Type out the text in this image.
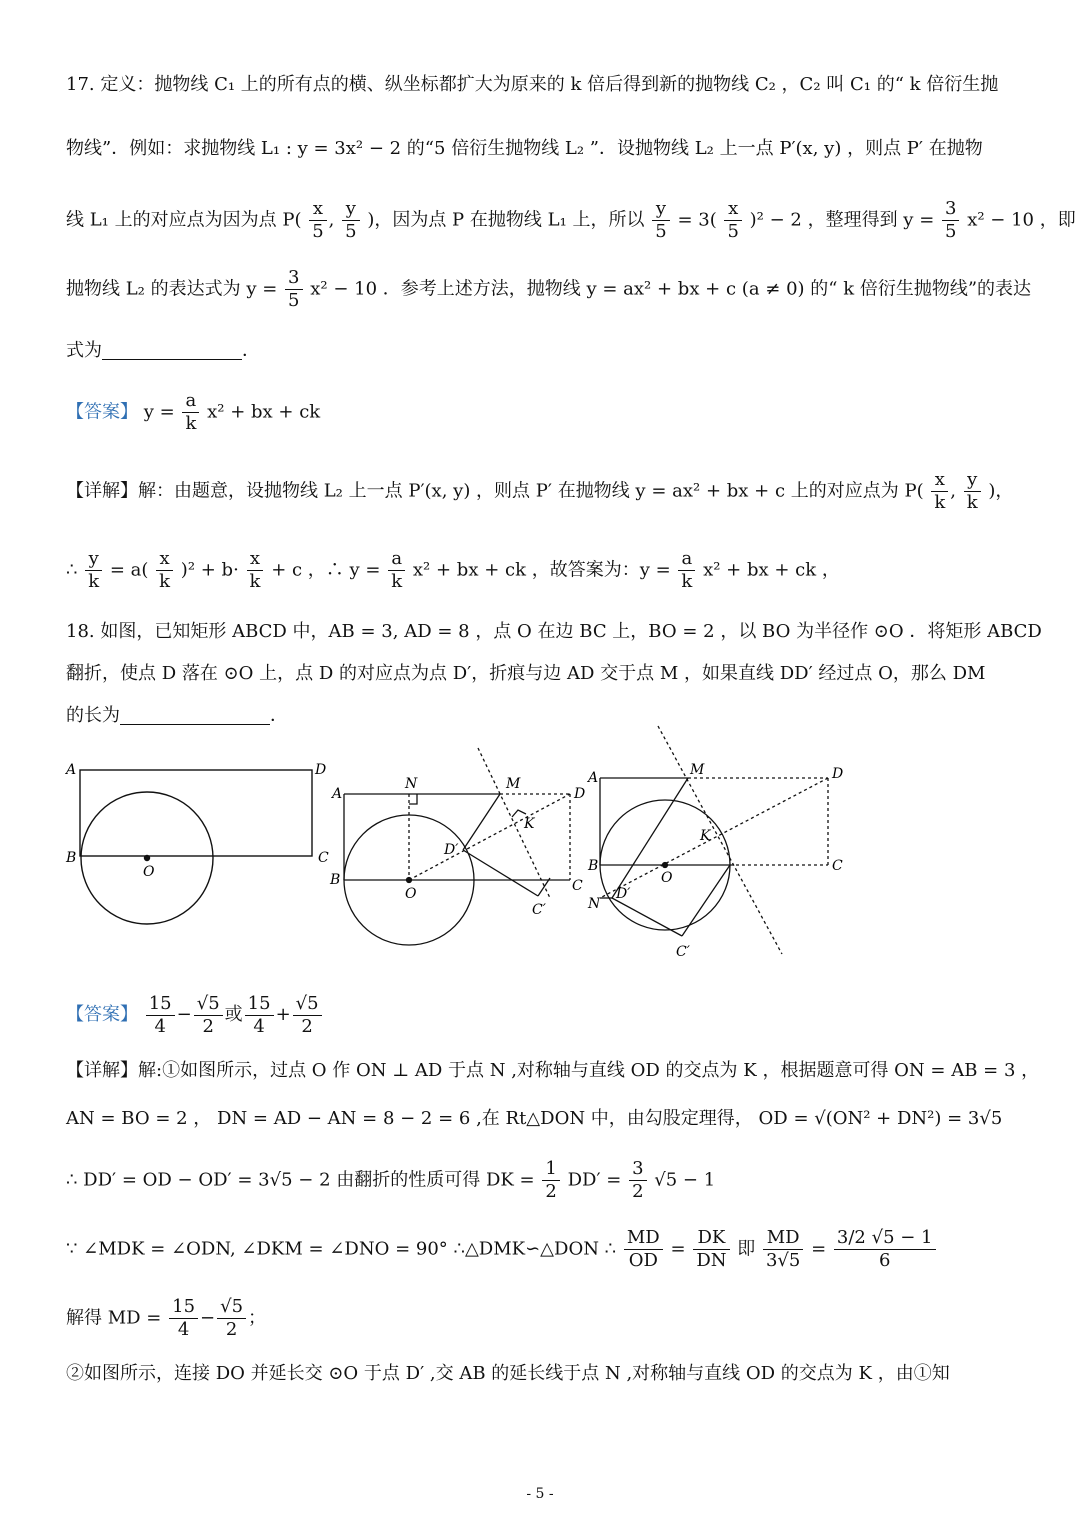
17. 定义：抛物线 C₁ 上的所有点的横、纵坐标都扩大为原来的 k 倍后得到新的抛物线 C₂ ，C₂ 叫 C₁ 的“ k 倍衍生抛

物线”．例如：求抛物线 L₁ : y = 3x² − 2 的“5 倍衍生抛物线 L₂ ”．设抛物线 L₂ 上一点 P′(x, y) ，则点 P′ 在抛物

线 L₁ 上的对应点为因为点 $P( \frac{x}{5}$ , $\frac{y}{5}$ )，因为点 P 在抛物线 L₁ 上，所以 $\frac{y}{5} = 3( \frac{x}{5} )^2 - 2$ ，整理得到 $y = \frac{3}{5} x^2 - 10$ ，即

抛物线 L₂ 的表达式为 $y = \frac{3}{5} x^2 - 10$ ．参考上述方法，抛物线 y = ax² + bx + c (a ≠ 0) 的“ k 倍衍生抛物线”的表达

式为	．

【答案】 $y = \frac{a}{k} x^2$ + bx + ck

【详解】解：由题意，设抛物线 L₂ 上一点 P′(x, y) ，则点 P′ 在抛物线 y = ax² + bx + c 上的对应点为 $P( \frac{x}{k}$ , $\frac{y}{k}$ )，

∴ $\frac{y}{k} = a( \frac{x}{k} )^2 + b\cdot \frac{x}{k} + c$ ，∴ $y = \frac{a}{k} x^2$ + bx + ck ，故答案为：$y = \frac{a}{k} x^2$ + bx + ck ，

18. 如图，已知矩形 ABCD 中，AB = 3, AD = 8 ，点 O 在边 BC 上，BO = 2 ，以 BO 为半径作 ⊙O ．将矩形 ABCD

翻折，使点 D 落在 ⊙O 上，点 D 的对应点为点 D′，折痕与边 AD 交于点 M ，如果直线 DD′ 经过点 O，那么 DM

的长为	．

A	D
B	C
O
A
N	M
D
K
D′
B
O	C
C′
A	M	D
K
B
O
C
N
D′
C′

【答案】 $\frac{15}{4} - \frac{√5}{2}$ 或 $\frac{15}{4} + \frac{√5}{2}$

【详解】解:①如图所示，过点 O 作 ON ⊥ AD 于点 N ,对称轴与直线 OD 的交点为 K ，根据题意可得 ON = AB = 3 ，

AN = BO = 2 ， DN = AD − AN = 8 − 2 = 6 ,在 Rt△DON 中，由勾股定理得， OD = √(ON² + DN²) = 3√5

∴ DD′ = OD − OD′ = 3√5 − 2 由翻折的性质可得 DK = $\frac{1}{2} DD' = \frac{3}{2} √5 - 1$

∵ ∠MDK = ∠ODN, ∠DKM = ∠DNO = 90° ∴△DMK∽△DON ∴ $\frac{MD}{OD} = \frac{DK}{DN}$ 即 $\frac{MD}{3√5} = \frac{3/2 √5 - 1}{6}$

解得 MD = $\frac{15}{4} - \frac{√5}{2}$ ；

②如图所示，连接 DO 并延长交 ⊙O 于点 D′ ,交 AB 的延长线于点 N ,对称轴与直线 OD 的交点为 K ，由①知

- 5 -
